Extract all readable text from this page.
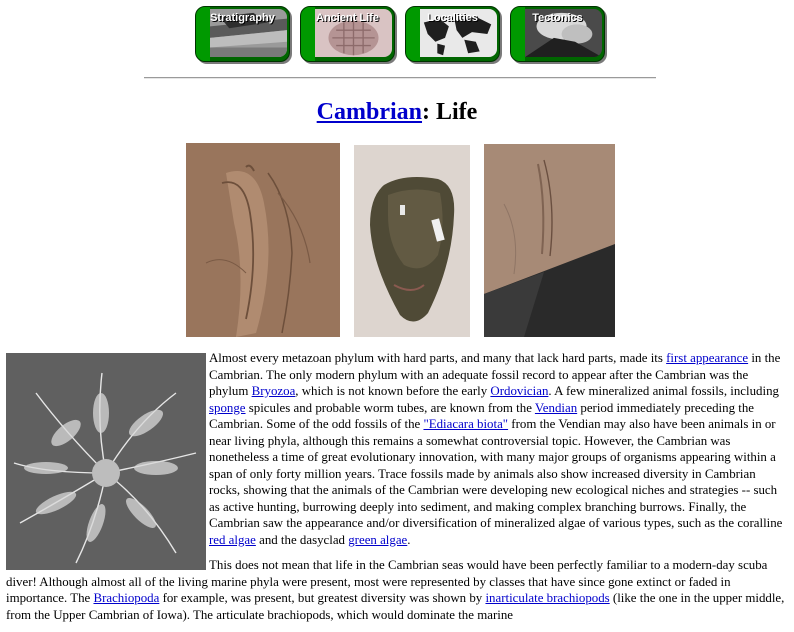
Stratigraphy	Ancient Life	Localities	Tectonics
Cambrian: Life

Almost every metazoan phylum with hard parts, and many that lack hard parts, made its first appearance in the Cambrian. The only modern phylum with an adequate fossil record to appear after the Cambrian was the phylum Bryozoa, which is not known before the early Ordovician. A few mineralized animal fossils, including sponge spicules and probable worm tubes, are known from the Vendian period immediately preceding the Cambrian. Some of the odd fossils of the "Ediacara biota" from the Vendian may also have been animals in or near living phyla, although this remains a somewhat controversial topic. However, the Cambrian was nonetheless a time of great evolutionary innovation, with many major groups of organisms appearing within a span of only forty million years. Trace fossils made by animals also show increased diversity in Cambrian rocks, showing that the animals of the Cambrian were developing new ecological niches and strategies -- such as active hunting, burrowing deeply into sediment, and making complex branching burrows. Finally, the Cambrian saw the appearance and/or diversification of mineralized algae of various types, such as the coralline red algae and the dasyclad green algae.

This does not mean that life in the Cambrian seas would have been perfectly familiar to a modern-day scuba diver! Although almost all of the living marine phyla were present, most were represented by classes that have since gone extinct or faded in importance. The Brachiopoda for example, was present, but greatest diversity was shown by inarticulate brachiopods (like the one in the upper middle, from the Upper Cambrian of Iowa). The articulate brachiopods, which would dominate the marine
